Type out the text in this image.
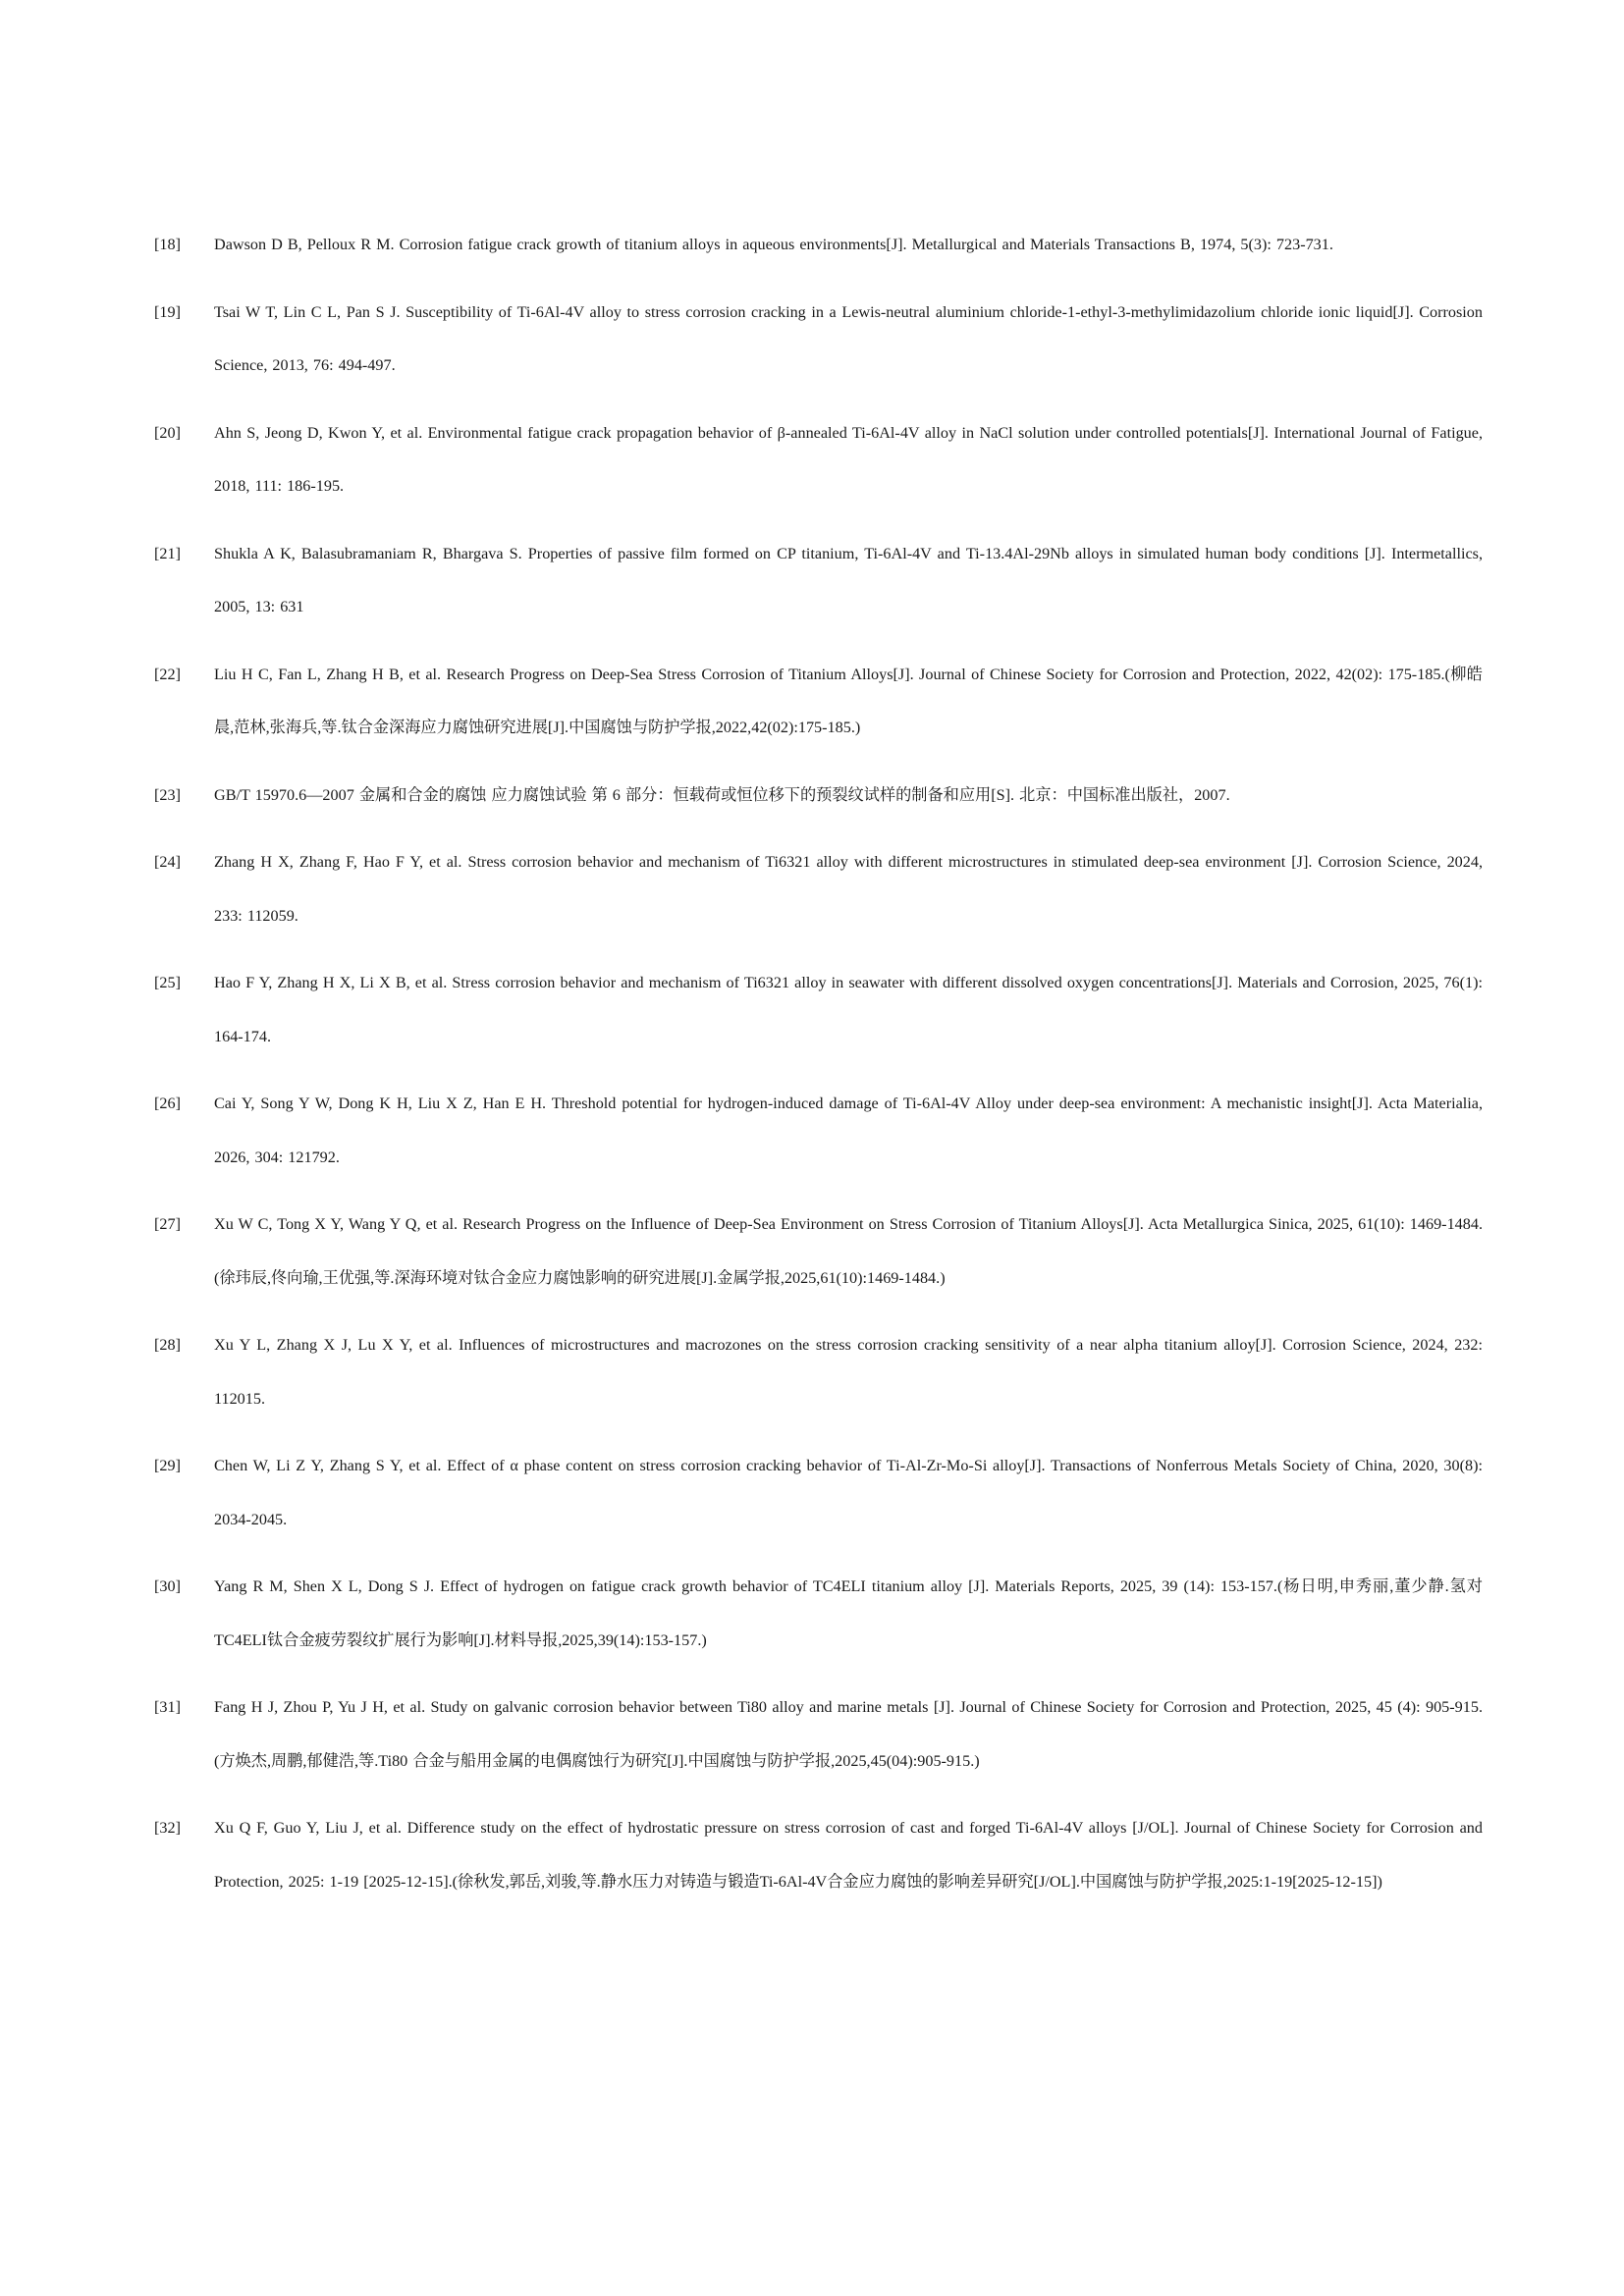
[18] Dawson D B, Pelloux R M. Corrosion fatigue crack growth of titanium alloys in aqueous environments[J]. Metallurgical and Materials Transactions B, 1974, 5(3): 723-731.
[19] Tsai W T, Lin C L, Pan S J. Susceptibility of Ti-6Al-4V alloy to stress corrosion cracking in a Lewis-neutral aluminium chloride-1-ethyl-3-methylimidazolium chloride ionic liquid[J]. Corrosion Science, 2013, 76: 494-497.
[20] Ahn S, Jeong D, Kwon Y, et al. Environmental fatigue crack propagation behavior of β-annealed Ti-6Al-4V alloy in NaCl solution under controlled potentials[J]. International Journal of Fatigue, 2018, 111: 186-195.
[21] Shukla A K, Balasubramaniam R, Bhargava S. Properties of passive film formed on CP titanium, Ti-6Al-4V and Ti-13.4Al-29Nb alloys in simulated human body conditions [J]. Intermetallics, 2005, 13: 631
[22] Liu H C, Fan L, Zhang H B, et al. Research Progress on Deep-Sea Stress Corrosion of Titanium Alloys[J]. Journal of Chinese Society for Corrosion and Protection, 2022, 42(02): 175-185.(柳皓晨,范林,张海兵,等.钛合金深海应力腐蚀研究进展[J].中国腐蚀与防护学报,2022,42(02):175-185.)
[23] GB/T 15970.6—2007 金属和合金的腐蚀 应力腐蚀试验 第 6 部分：恒载荷或恒位移下的预裂纹试样的制备和应用[S]. 北京：中国标准出版社，2007.
[24] Zhang H X, Zhang F, Hao F Y, et al. Stress corrosion behavior and mechanism of Ti6321 alloy with different microstructures in stimulated deep-sea environment [J]. Corrosion Science, 2024, 233: 112059.
[25] Hao F Y, Zhang H X, Li X B, et al. Stress corrosion behavior and mechanism of Ti6321 alloy in seawater with different dissolved oxygen concentrations[J]. Materials and Corrosion, 2025, 76(1): 164-174.
[26] Cai Y, Song Y W, Dong K H, Liu X Z, Han E H. Threshold potential for hydrogen-induced damage of Ti-6Al-4V Alloy under deep-sea environment: A mechanistic insight[J]. Acta Materialia, 2026, 304: 121792.
[27] Xu W C, Tong X Y, Wang Y Q, et al. Research Progress on the Influence of Deep-Sea Environment on Stress Corrosion of Titanium Alloys[J]. Acta Metallurgica Sinica, 2025, 61(10): 1469-1484.(徐玮辰,佟向瑜,王优强,等.深海环境对钛合金应力腐蚀影响的研究进展[J].金属学报,2025,61(10):1469-1484.)
[28] Xu Y L, Zhang X J, Lu X Y, et al. Influences of microstructures and macrozones on the stress corrosion cracking sensitivity of a near alpha titanium alloy[J]. Corrosion Science, 2024, 232: 112015.
[29] Chen W, Li Z Y, Zhang S Y, et al. Effect of α phase content on stress corrosion cracking behavior of Ti-Al-Zr-Mo-Si alloy[J]. Transactions of Nonferrous Metals Society of China, 2020, 30(8): 2034-2045.
[30] Yang R M, Shen X L, Dong S J. Effect of hydrogen on fatigue crack growth behavior of TC4ELI titanium alloy [J]. Materials Reports, 2025, 39 (14): 153-157.(杨日明,申秀丽,董少静.氢对TC4ELI钛合金疲劳裂纹扩展行为影响[J].材料导报,2025,39(14):153-157.)
[31] Fang H J, Zhou P, Yu J H, et al. Study on galvanic corrosion behavior between Ti80 alloy and marine metals [J]. Journal of Chinese Society for Corrosion and Protection, 2025, 45 (4): 905-915.(方焕杰,周鹏,郁健浩,等.Ti80 合金与船用金属的电偶腐蚀行为研究[J].中国腐蚀与防护学报,2025,45(04):905-915.)
[32] Xu Q F, Guo Y, Liu J, et al. Difference study on the effect of hydrostatic pressure on stress corrosion of cast and forged Ti-6Al-4V alloys [J/OL]. Journal of Chinese Society for Corrosion and Protection, 2025: 1-19 [2025-12-15].(徐秋发,郭岳,刘骏,等.静水压力对铸造与锻造Ti-6Al-4V合金应力腐蚀的影响差异研究[J/OL].中国腐蚀与防护学报,2025:1-19[2025-12-15])
